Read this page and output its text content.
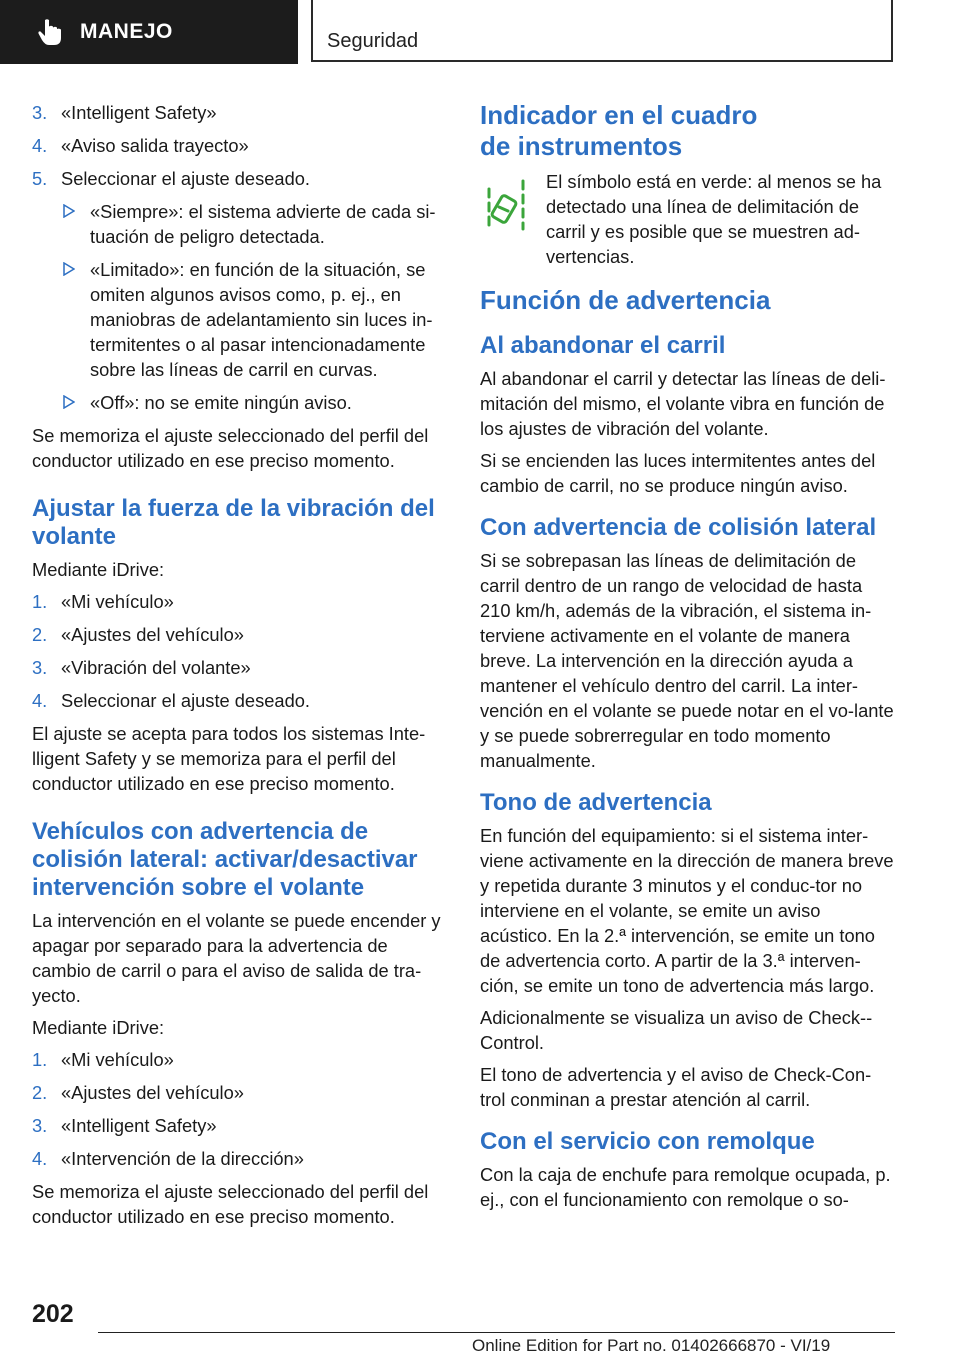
MANEJO	Seguridad
3. «Intelligent Safety»
4. «Aviso salida trayecto»
5. Seleccionar el ajuste deseado.
«Siempre»: el sistema advierte de cada si-tuación de peligro detectada.
«Limitado»: en función de la situación, se omiten algunos avisos como, p. ej., en maniobras de adelantamiento sin luces in-termitentes o al pasar intencionadamente sobre las líneas de carril en curvas.
«Off»: no se emite ningún aviso.

Se memoriza el ajuste seleccionado del perfil del conductor utilizado en ese preciso momento.

Ajustar la fuerza de la vibración del volante

Mediante iDrive:

1. «Mi vehículo»
2. «Ajustes del vehículo»
3. «Vibración del volante»
4. Seleccionar el ajuste deseado.

El ajuste se acepta para todos los sistemas Inte-lligent Safety y se memoriza para el perfil del conductor utilizado en ese preciso momento.

Vehículos con advertencia de colisión lateral: activar/desactivar intervención sobre el volante

La intervención en el volante se puede encender y apagar por separado para la advertencia de cambio de carril o para el aviso de salida de tra-yecto.

Mediante iDrive:

1. «Mi vehículo»
2. «Ajustes del vehículo»
3. «Intelligent Safety»
4. «Intervención de la dirección»

Se memoriza el ajuste seleccionado del perfil del conductor utilizado en ese preciso momento.

Indicador en el cuadro de instrumentos

El símbolo está en verde: al menos se ha detectado una línea de delimitación de carril y es posible que se muestren ad-vertencias.

Función de advertencia
Al abandonar el carril

Al abandonar el carril y detectar las líneas de deli-mitación del mismo, el volante vibra en función de los ajustes de vibración del volante.

Si se encienden las luces intermitentes antes del cambio de carril, no se produce ningún aviso.

Con advertencia de colisión lateral

Si se sobrepasan las líneas de delimitación de carril dentro de un rango de velocidad de hasta 210 km/h, además de la vibración, el sistema in-terviene activamente en el volante de manera breve. La intervención en la dirección ayuda a mantener el vehículo dentro del carril. La inter-vención en el volante se puede notar en el vo-lante y se puede sobrerregular en todo momento manualmente.

Tono de advertencia

En función del equipamiento: si el sistema inter-viene activamente en la dirección de manera breve y repetida durante 3 minutos y el conduc-tor no interviene en el volante, se emite un aviso acústico. En la 2.ª intervención, se emite un tono de advertencia corto. A partir de la 3.ª interven-ción, se emite un tono de advertencia más largo.

Adicionalmente se visualiza un aviso de Check--Control.

El tono de advertencia y el aviso de Check-Con-trol conminan a prestar atención al carril.

Con el servicio con remolque

Con la caja de enchufe para remolque ocupada, p. ej., con el funcionamiento con remolque o so-

202
Online Edition for Part no. 01402666870 - VI/19
